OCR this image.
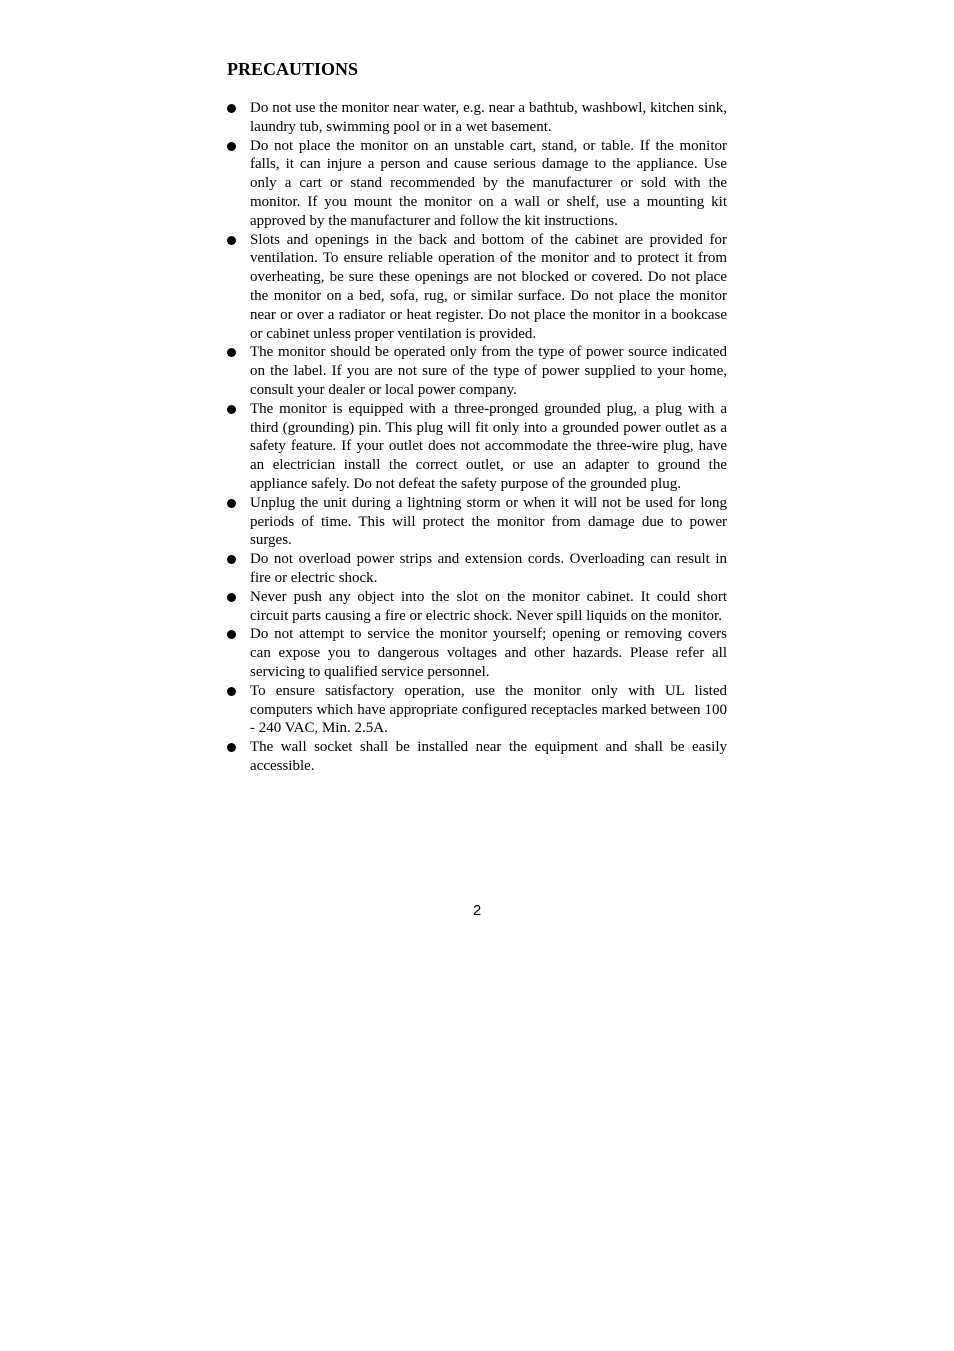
PRECAUTIONS
Do not use the monitor near water, e.g. near a bathtub, washbowl, kitchen sink, laundry tub, swimming pool or in a wet basement.
Do not place the monitor on an unstable cart, stand, or table. If the monitor falls, it can injure a person and cause serious damage to the appliance. Use only a cart or stand recommended by the manufacturer or sold with the monitor. If you mount the monitor on a wall or shelf, use a mounting kit approved by the manufacturer and follow the kit instructions.
Slots and openings in the back and bottom of the cabinet are provided for ventilation. To ensure reliable operation of the monitor and to protect it from overheating, be sure these openings are not blocked or covered. Do not place the monitor on a bed, sofa, rug, or similar surface. Do not place the monitor near or over a radiator or heat register. Do not place the monitor in a bookcase or cabinet unless proper ventilation is provided.
The monitor should be operated only from the type of power source indicated on the label. If you are not sure of the type of power supplied to your home, consult your dealer or local power company.
The monitor is equipped with a three-pronged grounded plug, a plug with a third (grounding) pin. This plug will fit only into a grounded power outlet as a safety feature. If your outlet does not accommodate the three-wire plug, have an electrician install the correct outlet, or use an adapter to ground the appliance safely. Do not defeat the safety purpose of the grounded plug.
Unplug the unit during a lightning storm or when it will not be used for long periods of time. This will protect the monitor from damage due to power surges.
Do not overload power strips and extension cords. Overloading can result in fire or electric shock.
Never push any object into the slot on the monitor cabinet. It could short circuit parts causing a fire or electric shock. Never spill liquids on the monitor.
Do not attempt to service the monitor yourself; opening or removing covers can expose you to dangerous voltages and other hazards. Please refer all servicing to qualified service personnel.
To ensure satisfactory operation, use the monitor only with UL listed computers which have appropriate configured receptacles marked between 100 - 240 VAC, Min. 2.5A.
The wall socket shall be installed near the equipment and shall be easily accessible.
2
